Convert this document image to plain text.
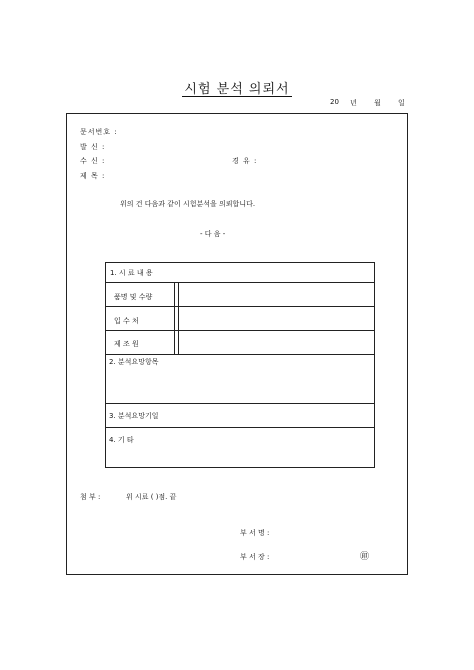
시험 분석 의뢰서
20 년 월 일
문서번호 :
발 신 :
수 신 :	경 유 :
제 목 :
위의 건 다음과 같이 시험분석을 의뢰합니다.
- 다 음 -
1. 시 료 내 용
품명 및 수량
입 수 처
제 조 원
2. 분석요망항목
3. 분석요망기일
4. 기 타
첨 부 :	위 시료 ( )점. 끝
부 서 명 :
부 서 장 :	㊞
